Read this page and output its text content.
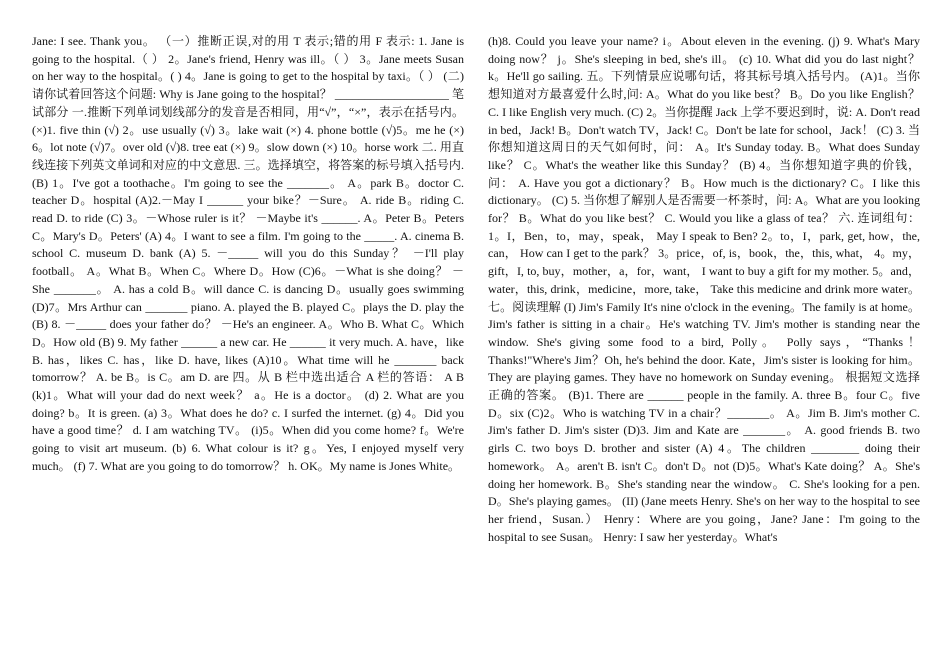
Jane: I see. Thank you。 （一）推断正误,对的用 T 表示;错的用 F 表示: 1. Jane is going to the hospital.（ ） 2。Jane's friend, Henry was ill。（ ） 3。Jane meets Susan on her way to the hospital。( ) 4。Jane is going to get to the hospital by taxi。（ ） (二)请你试着回答这个问题: Why is Jane going to the hospital？ ___________________ 笔试部分 一.推断下列单词划线部分的发音是否相同，用“√”，“×”，表示在括号内。 (×)1. five thin (√) 2。use usually (√) 3。lake wait (×) 4. phone bottle (√)5。me he (×) 6。lot note (√)7。over old (√)8. tree eat (×) 9。slow down (×) 10。horse work 二. 用直线连接下列英文单词和对应的中文意思. 三。选择填空，将答案的标号填入括号内. (B) 1。I've got a toothache。I'm going to see the _______。 A。park B。doctor C. teacher D。hospital (A)2.－May I ______ your bike？－Sure。 A. ride B。riding C. read D. to ride (C) 3。－Whose ruler is it？ －Maybe it's ______. A。Peter B。Peters C。Mary's D。Peters' (A) 4。I want to see a film. I'm going to the _____. A. cinema B. school C. museum D. bank (A) 5. －_____ will you do this Sunday？ －I'll play football。 A。What B。When C。Where D。How (C)6。－What is she doing？ －She _______。 A. has a cold B。will dance C. is dancing D。usually goes swimming (D)7。Mrs Arthur can _______ piano. A. played the B. played C。plays the D. play the (B) 8. －_____ does your father do？ －He's an engineer. A。Who B. What C。Which D。How old (B) 9. My father ______ a new car. He ______ it very much. A. have，like B. has，likes C. has，like D. have, likes (A)10。What time will he _______ back tomorrow？ A. be B。is C。am D. are 四。从 B 栏中选出适合 A 栏的答语： A B (k)1。What will your dad do next week？ a。He is a doctor。 (d) 2. What are you doing? b。It is green. (a) 3。What does he do? c. I surfed the internet. (g) 4。Did you have a good time？ d. I am watching TV。 (i)5。When did you come home? f。We're going to visit art museum. (b) 6. What colour is it? g。Yes, I enjoyed myself very much。 (f) 7. What are you going to do tomorrow？ h. OK。My name is Jones White。

(h)8. Could you leave your name? i。About eleven in the evening. (j) 9. What's Mary doing now？ j。She's sleeping in bed, she's ill。 (c) 10. What did you do last night？ k。He'll go sailing. 五。下列情景应说哪句话，将其标号填入括号内。 (A)1。当你想知道对方最喜爱什么时,问: A。What do you like best？ B。Do you like English？ C. I like English very much. (C) 2。当你提醒 Jack 上学不要迟到时，说: A. Don't read in bed，Jack! B。Don't watch TV，Jack! C。Don't be late for school，Jack！ (C) 3. 当你想知道这周日的天气如何时，问： A。It's Sunday today. B。What does Sunday like？ C。What's the weather like this Sunday？ (B) 4。当你想知道字典的价钱，问： A. Have you got a dictionary？ B。How much is the dictionary? C。I like this dictionary。 (C) 5. 当你想了解别人是否需要一杯茶时，问: A。What are you looking for？ B。What do you like best？ C. Would you like a glass of tea？ 六. 连词组句： 1。I，Ben，to，may，speak， May I speak to Ben? 2。to，I，park, get, how，the, can， How can I get to the park？ 3。price，of, is，book，the，this, what， 4。my，gift，I, to, buy，mother，a，for，want， I want to buy a gift for my mother. 5。and，water，this, drink，medicine，more, take， Take this medicine and drink more water。 七。阅读理解 (I) Jim's Family It's nine o'clock in the evening。The family is at home。Jim's father is sitting in a chair。He's watching TV. Jim's mother is standing near the window. She's giving some food to a bird, Polly。 Polly says，“Thanks！ Thanks!"Where's Jim？Oh, he's behind the door. Kate，Jim's sister is looking for him。They are playing games. They have no homework on Sunday evening。 根据短文选择正确的答案。 (B)1. There are ______ people in the family. A. three B。four C。five D。six (C)2。Who is watching TV in a chair？_______。 A。Jim B. Jim's mother C. Jim's father D. Jim's sister (D)3. Jim and Kate are _______。 A. good friends B. two girls C. two boys D. brother and sister (A) 4。The children ________ doing their homework。 A。aren't B. isn't C。don't D。not (D)5。What's Kate doing？ A。She's doing her homework. B。She's standing near the window。 C. She's looking for a pen. D。She's playing games。 (II) (Jane meets Henry. She's on her way to the hospital to see her friend，Susan.） Henry：Where are you going，Jane? Jane：I'm going to the hospital to see Susan。 Henry: I saw her yesterday。What's
